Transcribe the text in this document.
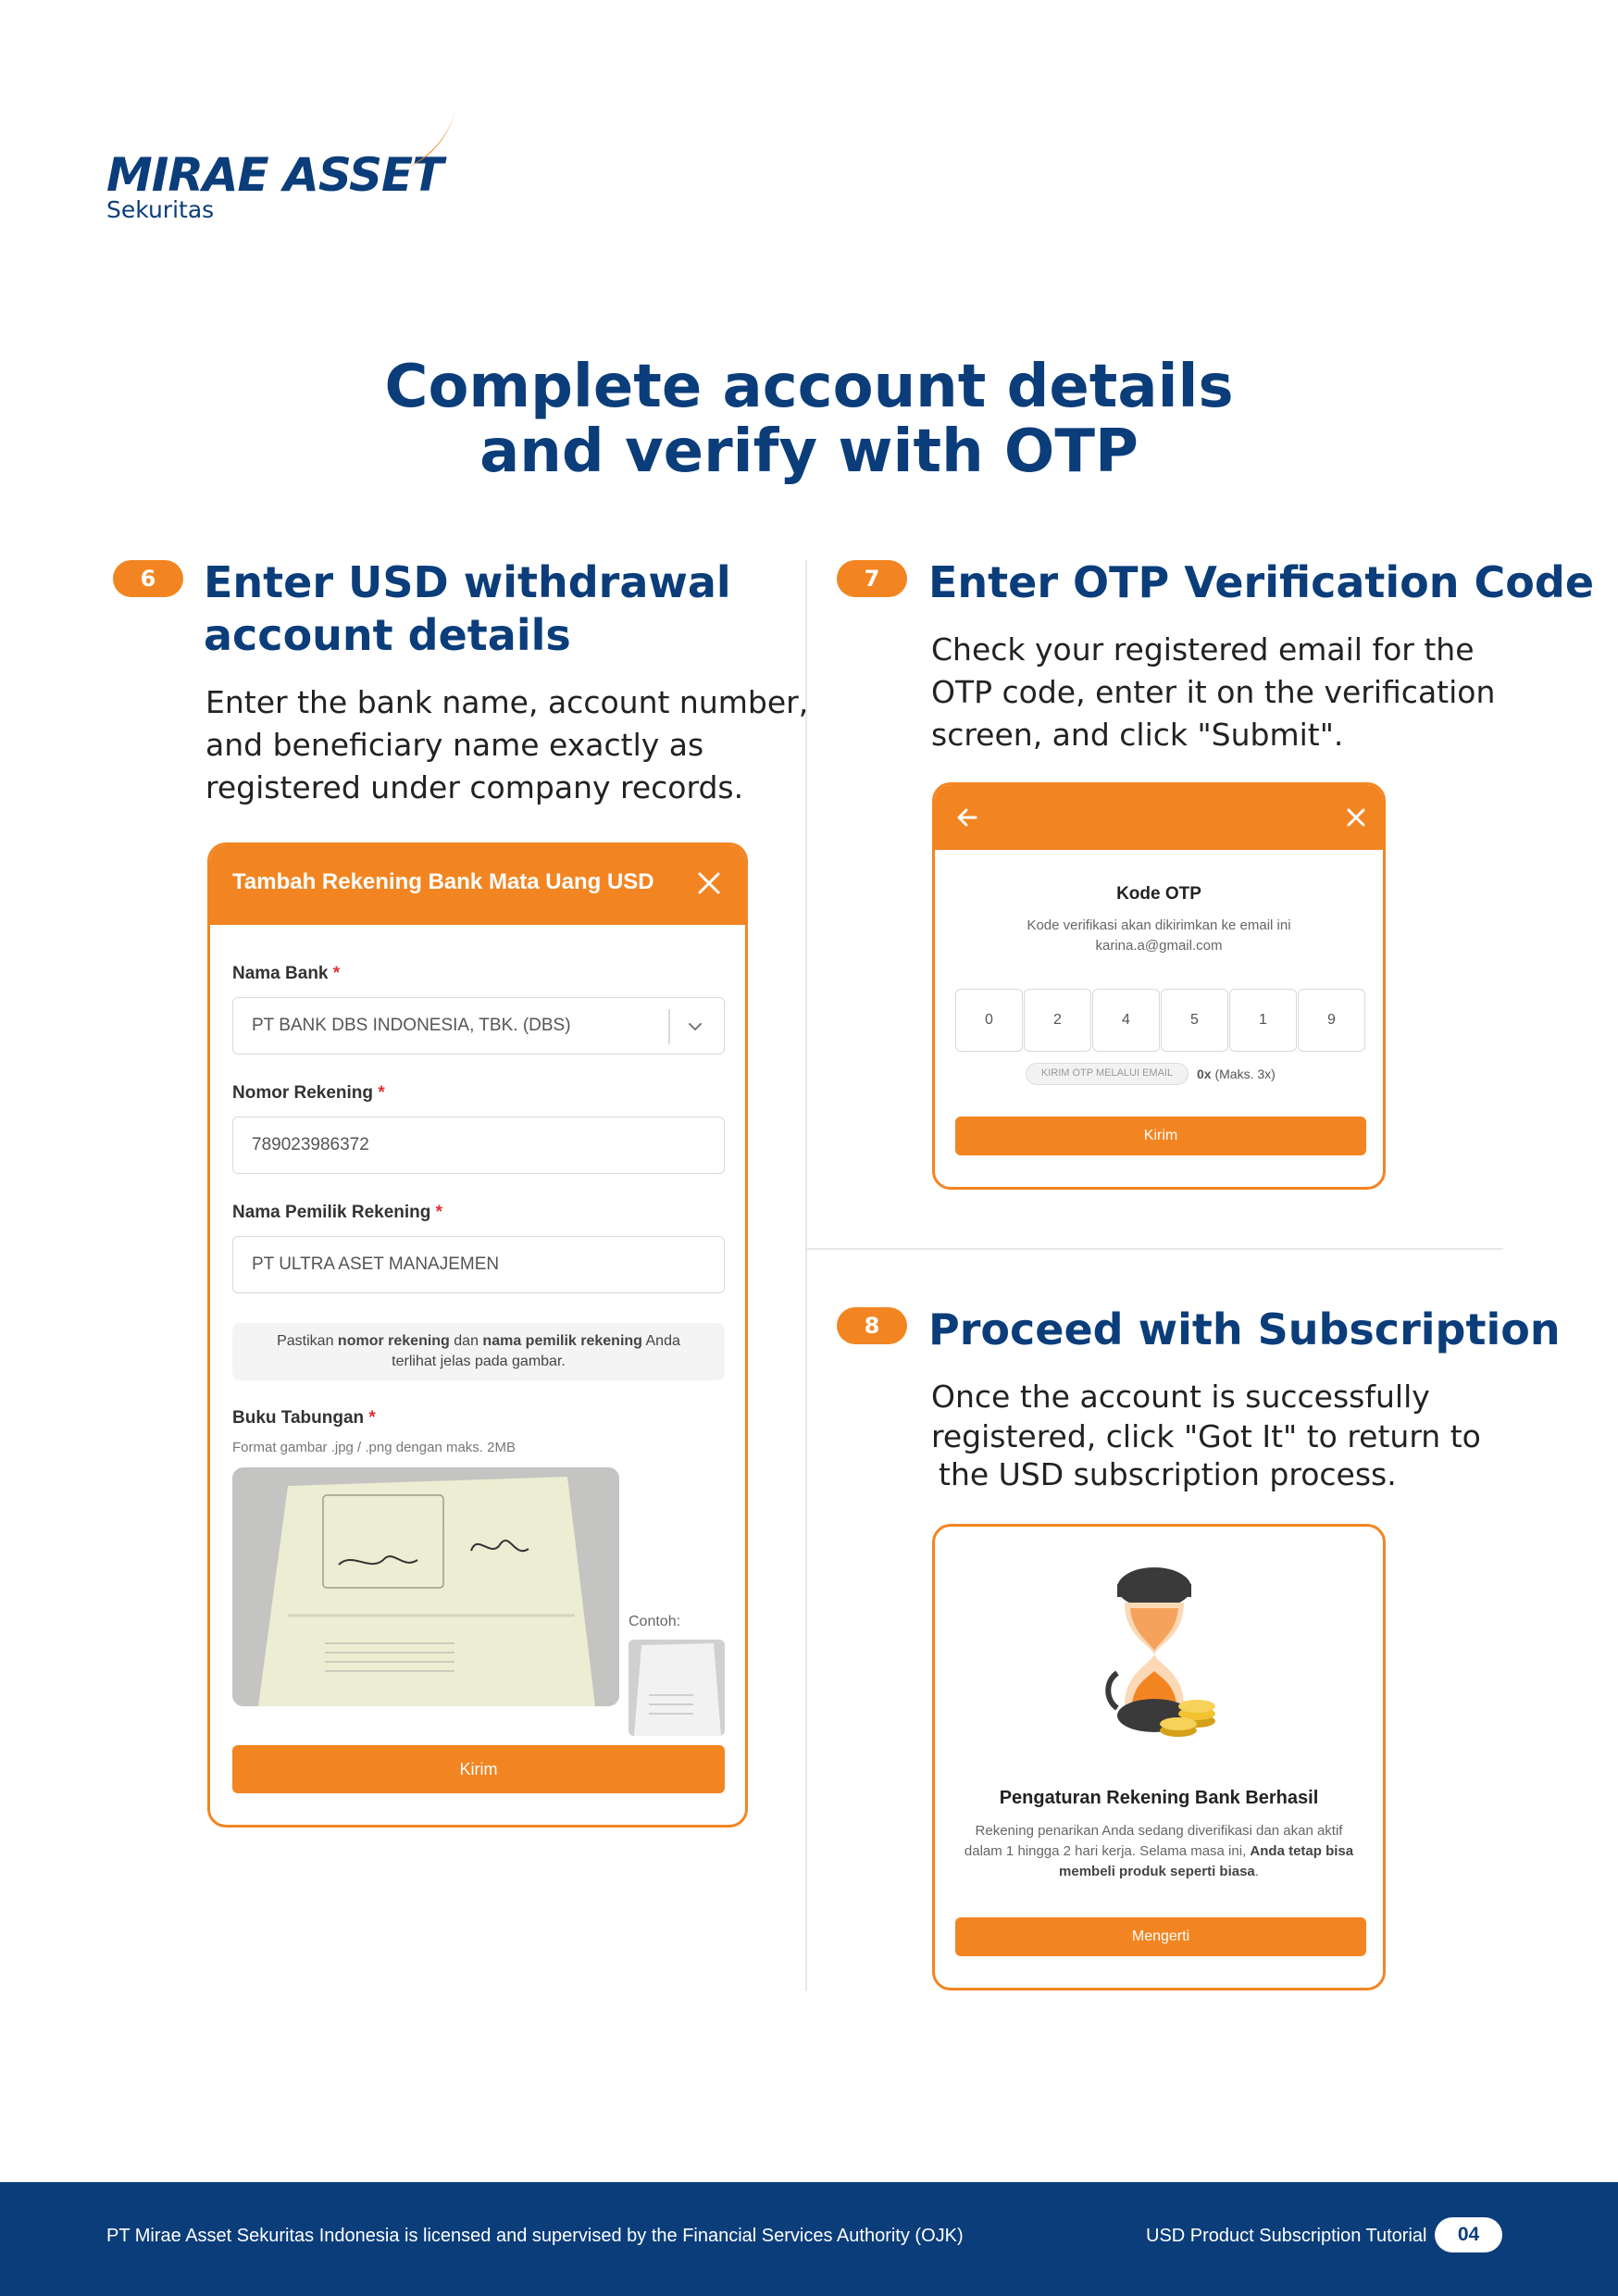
MIRAE ASSET
Sekuritas
Complete account details
and verify with OTP
6	Enter USD withdrawal
account details
Enter the bank name, account number,
and beneficiary name exactly as
registered under company records.
Tambah Rekening Bank Mata Uang USD
Nama Bank *
PT BANK DBS INDONESIA, TBK. (DBS)
Nomor Rekening *
789023986372
Nama Pemilik Rekening *
PT ULTRA ASET MANAJEMEN
Pastikan nomor rekening dan nama pemilik rekening Anda
terlihat jelas pada gambar.
Buku Tabungan *
Format gambar .jpg / .png dengan maks. 2MB
Contoh:
Kirim
7	Enter OTP Verification Code
Check your registered email for the
OTP code, enter it on the verification
screen, and click "Submit".
Kode OTP
Kode verifikasi akan dikirimkan ke email ini
karina.a@gmail.com
0	2	4	5	1	9
KIRIM OTP MELALUI EMAIL	0x (Maks. 3x)
Kirim
8	Proceed with Subscription
Once the account is successfully
registered, click "Got It" to return to
the USD subscription process.
Pengaturan Rekening Bank Berhasil
Rekening penarikan Anda sedang diverifikasi dan akan aktif
dalam 1 hingga 2 hari kerja. Selama masa ini, Anda tetap bisa
membeli produk seperti biasa.
Mengerti
PT Mirae Asset Sekuritas Indonesia is licensed and supervised by the Financial Services Authority (OJK)	USD Product Subscription Tutorial	04
